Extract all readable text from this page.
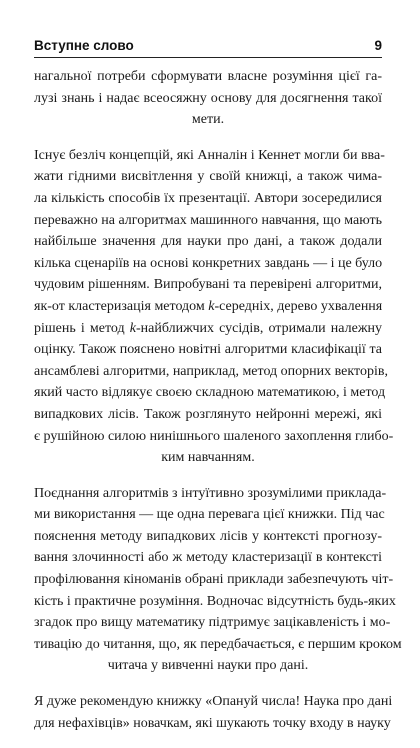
Вступне слово	9
нагальної потреби сформувати власне розуміння цієї га-
лузі знань і надає всеосяжну основу для досягнення такої
мети.
Існує безліч концепцій, які Анналін і Кеннет могли би вва-
жати гідними висвітлення у своїй книжці, а також чима-
ла кількість способів їх презентації. Автори зосередилися
переважно на алгоритмах машинного навчання, що мають
найбільше значення для науки про дані, а також додали
кілька сценаріїв на основі конкретних завдань — і це було
чудовим рішенням. Випробувані та перевірені алгоритми,
як-от кластеризація методом k-середніх, дерево ухвалення
рішень і метод k-найближчих сусідів, отримали належну
оцінку. Також пояснено новітні алгоритми класифікації та
ансамблеві алгоритми, наприклад, метод опорних векторів,
який часто відлякує своєю складною математикою, і метод
випадкових лісів. Також розглянуто нейронні мережі, які
є рушійною силою нинішнього шаленого захоплення глибо-
ким навчанням.
Поєднання алгоритмів з інтуїтивно зрозумілими приклада-
ми використання — ще одна перевага цієї книжки. Під час
пояснення методу випадкових лісів у контексті прогнозу-
вання злочинності або ж методу кластеризації в контексті
профілювання кіноманів обрані приклади забезпечують чіт-
кість і практичне розуміння. Водночас відсутність будь-яких
згадок про вищу математику підтримує зацікавленість і мо-
тивацію до читання, що, як передбачається, є першим кроком
читача у вивченні науки про дані.
Я дуже рекомендую книжку «Опануй числа! Наука про дані
для нефахівців» новачкам, які шукають точку входу в науку
